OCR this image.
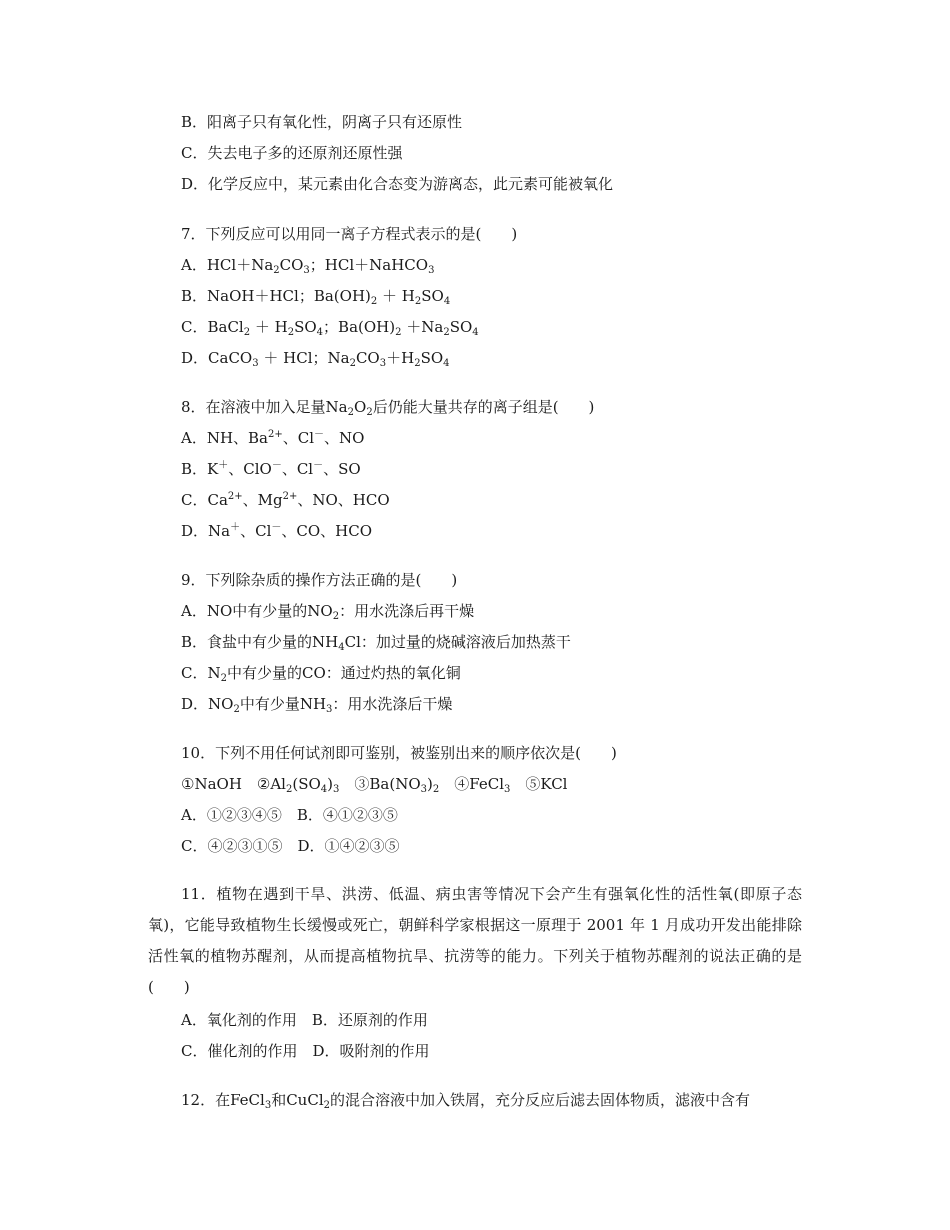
B．阳离子只有氧化性，阴离子只有还原性
C．失去电子多的还原剂还原性强
D．化学反应中，某元素由化合态变为游离态，此元素可能被氧化
7．下列反应可以用同一离子方程式表示的是(　　)
A．$HCl+Na_2CO_3$；HCl＋NaHCO$_3$
B．NaOH＋HCl；$Ba(OH)_2 + H_2SO_4$
C．BaCl$_2$ ＋ $H_2SO_4$；$Ba(OH)_2 +Na_2SO_4$
D．CaCO$_3$ ＋ HCl；$Na_2CO_3+H_2SO_4$
8．在溶液中加入足量$Na_2O_2$后仍能大量共存的离子组是(　　)
A．NH、$Ba^{2+}$、Cl－、NO
B．K＋、ClO－、Cl－、SO
C．$Ca^{2+}$、$Mg^{2+}$、NO、HCO
D．Na＋、Cl－、CO、HCO
9．下列除杂质的操作方法正确的是(　　)
A．NO中有少量的$NO_2$：用水洗涤后再干燥
B．食盐中有少量的$NH_4Cl$：加过量的烧碱溶液后加热蒸干
C．$N_2$中有少量的CO：通过灼热的氧化铜
D．$NO_2$中有少量$NH_3$：用水洗涤后干燥
10．下列不用任何试剂即可鉴别，被鉴别出来的顺序依次是(　　)
①NaOH　$②Al_2(SO_4)_3$　$③Ba(NO_3)_2$　④FeCl$_3$　⑤KCl
A．①②③④⑤　B．④①②③⑤
C．④②③①⑤　D．①④②③⑤
11．植物在遇到干旱、洪涝、低温、病虫害等情况下会产生有强氧化性的活性氧(即原子态氧)，它能导致植物生长缓慢或死亡，朝鲜科学家根据这一原理于 2001 年 1 月成功开发出能排除活性氧的植物苏醒剂，从而提高植物抗旱、抗涝等的能力。下列关于植物苏醒剂的说法正确的是(　　)
A．氧化剂的作用　B．还原剂的作用
C．催化剂的作用　D．吸附剂的作用
12．在FeCl$_3$和CuCl$_2$的混合溶液中加入铁屑，充分反应后滤去固体物质，滤液中含有
